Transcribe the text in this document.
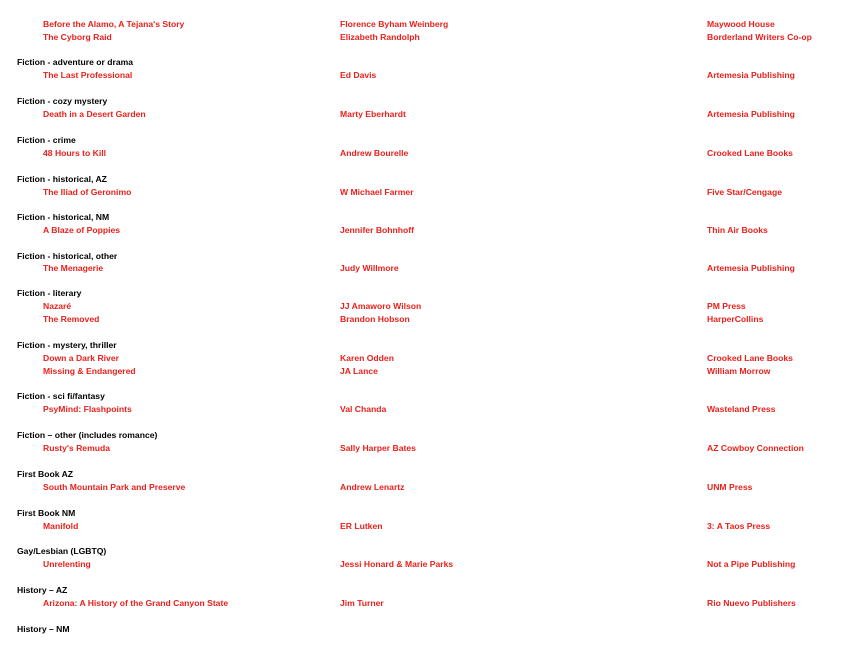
Before the Alamo, A Tejana's Story	Florence Byham Weinberg	Maywood House
The Cyborg Raid	Elizabeth Randolph	Borderland Writers Co-op
Fiction - adventure or drama
The Last Professional	Ed Davis	Artemesia Publishing
Fiction - cozy mystery
Death in a Desert Garden	Marty Eberhardt	Artemesia Publishing
Fiction - crime
48 Hours to Kill	Andrew Bourelle	Crooked Lane Books
Fiction - historical, AZ
The Iliad of Geronimo	W Michael Farmer	Five Star/Cengage
Fiction - historical, NM
A Blaze of Poppies	Jennifer Bohnhoff	Thin Air Books
Fiction - historical, other
The Menagerie	Judy Willmore	Artemesia Publishing
Fiction - literary
Nazaré	JJ Amaworo Wilson	PM Press
The Removed	Brandon Hobson	HarperCollins
Fiction - mystery, thriller
Down a Dark River	Karen Odden	Crooked Lane Books
Missing & Endangered	JA Lance	William Morrow
Fiction - sci fi/fantasy
PsyMind: Flashpoints	Val Chanda	Wasteland Press
Fiction – other (includes romance)
Rusty's Remuda	Sally Harper Bates	AZ Cowboy Connection
First Book AZ
South Mountain Park and Preserve	Andrew Lenartz	UNM Press
First Book NM
Manifold	ER Lutken	3: A Taos Press
Gay/Lesbian (LGBTQ)
Unrelenting	Jessi Honard & Marie Parks	Not a Pipe Publishing
History – AZ
Arizona: A History of the Grand Canyon State	Jim Turner	Rio Nuevo Publishers
History – NM
